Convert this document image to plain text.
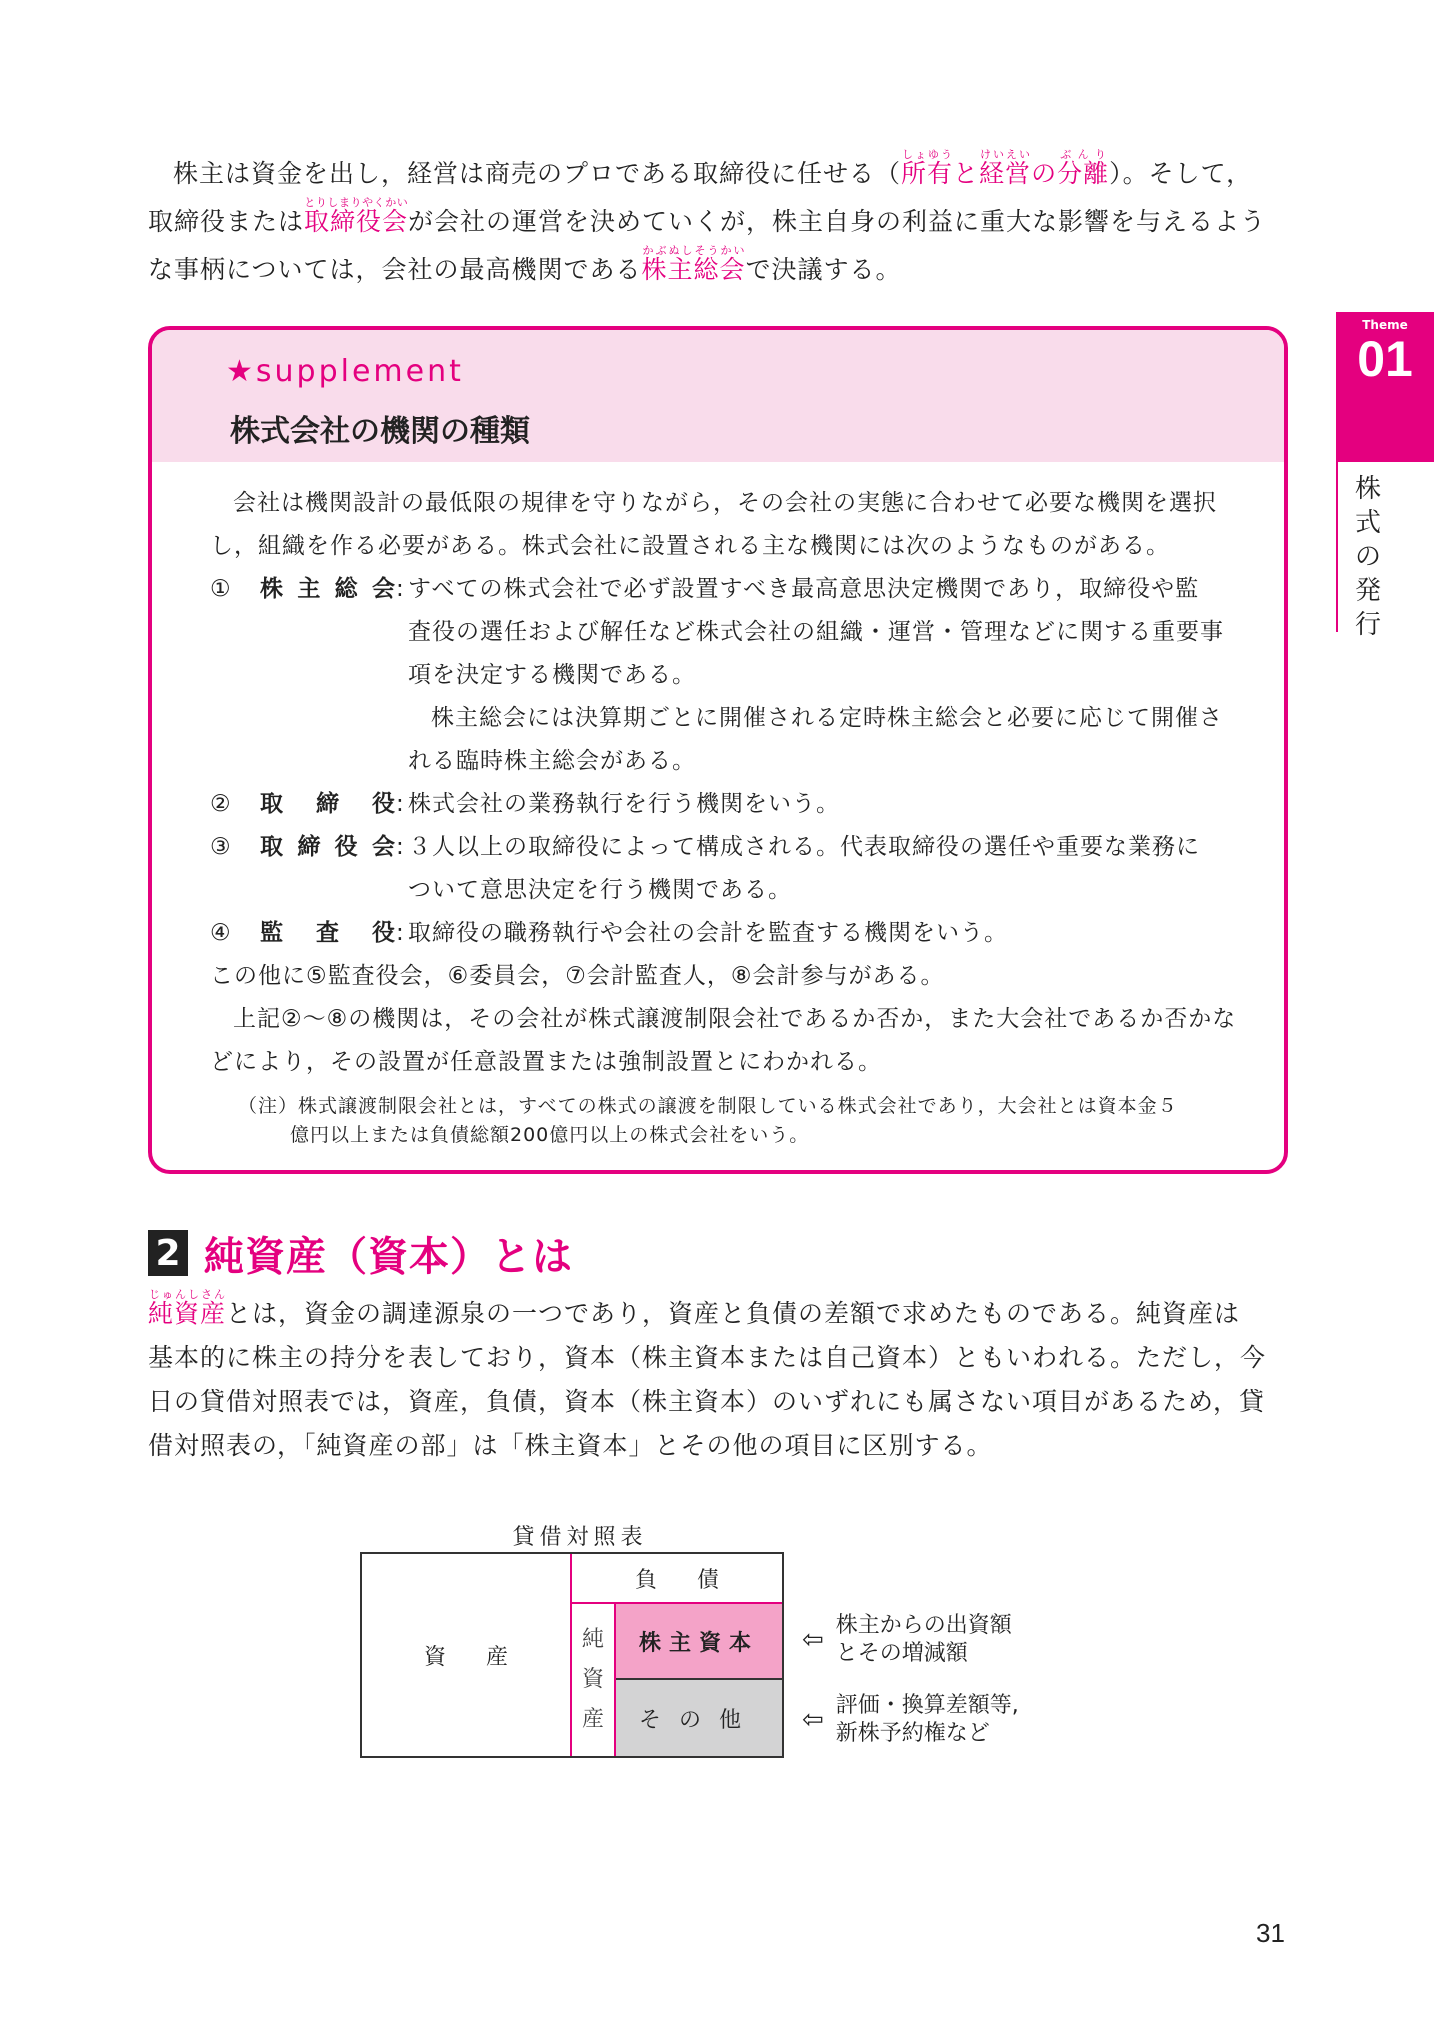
株主は資金を出し，経営は商売のプロである取締役に任せる（所有しょゆうと経営けいえいの分離ぶんり）。そして，

取締役または取締役会とりしまりやくかいが会社の運営を決めていくが，株主自身の利益に重大な影響を与えるよう

な事柄については，会社の最高機関である株主総会かぶぬしそうかいで決議する。

Theme
01
株
式
の
発
行
★supplement
株式会社の機関の種類

会社は機関設計の最低限の規律を守りながら，その会社の実態に合わせて必要な機関を選択

し，組織を作る必要がある。株式会社に設置される主な機関には次のようなものがある。

①	株 主 総 会 : すべての株式会社で必ず設置すべき最高意思決定機関であり，取締役や監

査役の選任および解任など株式会社の組織・運営・管理などに関する重要事

項を決定する機関である。

株主総会には決算期ごとに開催される定時株主総会と必要に応じて開催さ

れる臨時株主総会がある。

②	取 締 役 : 株式会社の業務執行を行う機関をいう。
③	取 締 役 会 : ３人以上の取締役によって構成される。代表取締役の選任や重要な業務に

ついて意思決定を行う機関である。

④	監 査 役 : 取締役の職務執行や会社の会計を監査する機関をいう。

この他に⑤監査役会，⑥委員会，⑦会計監査人，⑧会計参与がある。

上記②～⑧の機関は，その会社が株式譲渡制限会社であるか否か，また大会社であるか否かな

どにより，その設置が任意設置または強制設置とにわかれる。

（注）株式譲渡制限会社とは，すべての株式の譲渡を制限している株式会社であり，大会社とは資本金５
億円以上または負債総額200億円以上の株式会社をいう。
2 純資産（資本）とは

純資産じゅんしさんとは，資金の調達源泉の一つであり，資産と負債の差額で求めたものである。純資産は

基本的に株主の持分を表しており，資本（株主資本または自己資本）ともいわれる。ただし，今

日の貸借対照表では，資産，負債，資本（株主資本）のいずれにも属さない項目があるため，貸

借対照表の，「純資産の部」は「株主資本」とその他の項目に区別する。

貸借対照表
資産
負債
純
資
産
株主資本
その他
⇦ 株主からの出資額
とその増減額
⇦ 評価・換算差額等,
新株予約権など
31
